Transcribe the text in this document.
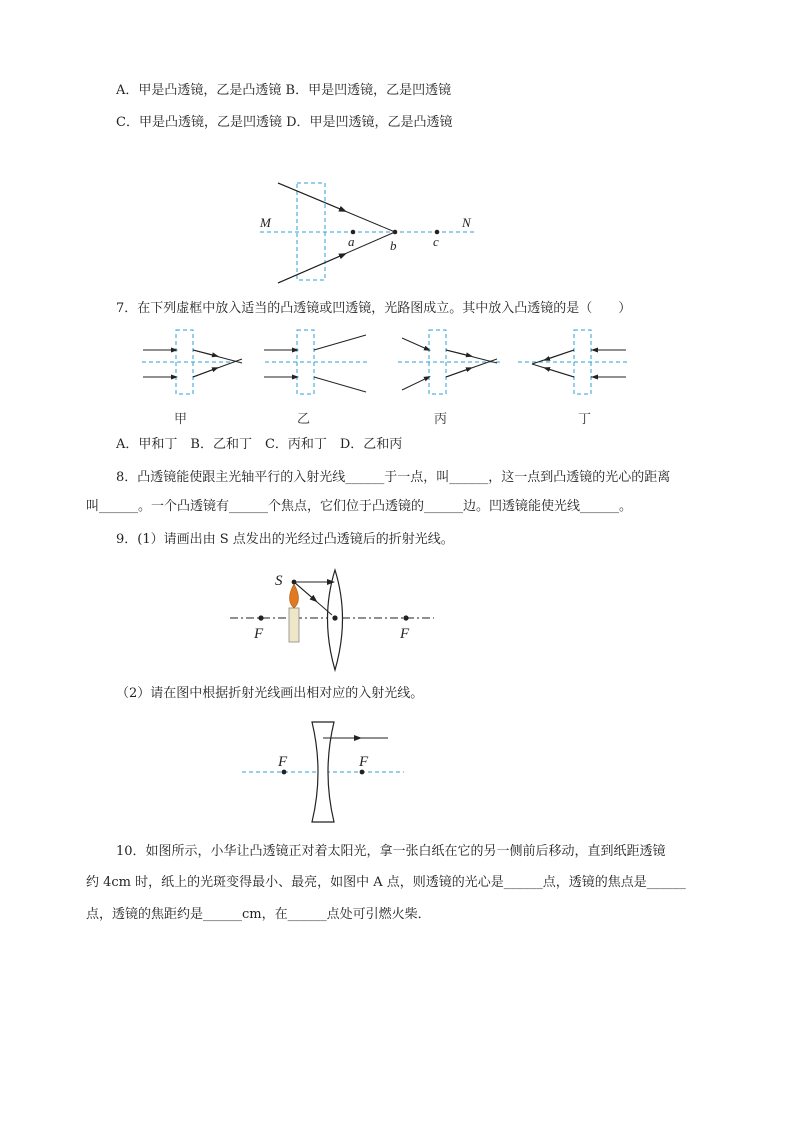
A．甲是凸透镜，乙是凸透镜 B．甲是凹透镜，乙是凹透镜
C．甲是凸透镜，乙是凹透镜 D．甲是凹透镜，乙是凸透镜
M	N
a	b	c
7．在下列虚框中放入适当的凸透镜或凹透镜，光路图成立。其中放入凸透镜的是（　　）
甲	乙	丙	丁
A．甲和丁　B．乙和丁　C．丙和丁　D．乙和丙
8．凸透镜能使跟主光轴平行的入射光线______于一点，叫______，这一点到凸透镜的光心的距离
叫______。一个凸透镜有______个焦点，它们位于凸透镜的______边。凹透镜能使光线______。
9．(1）请画出由 S 点发出的光经过凸透镜后的折射光线。
S
F	F
（2）请在图中根据折射光线画出相对应的入射光线。
F	F
10．如图所示，小华让凸透镜正对着太阳光，拿一张白纸在它的另一侧前后移动，直到纸距透镜
约 4cm 时，纸上的光斑变得最小、最亮，如图中 A 点，则透镜的光心是______点，透镜的焦点是______
点，透镜的焦距约是______cm，在______点处可引燃火柴．
